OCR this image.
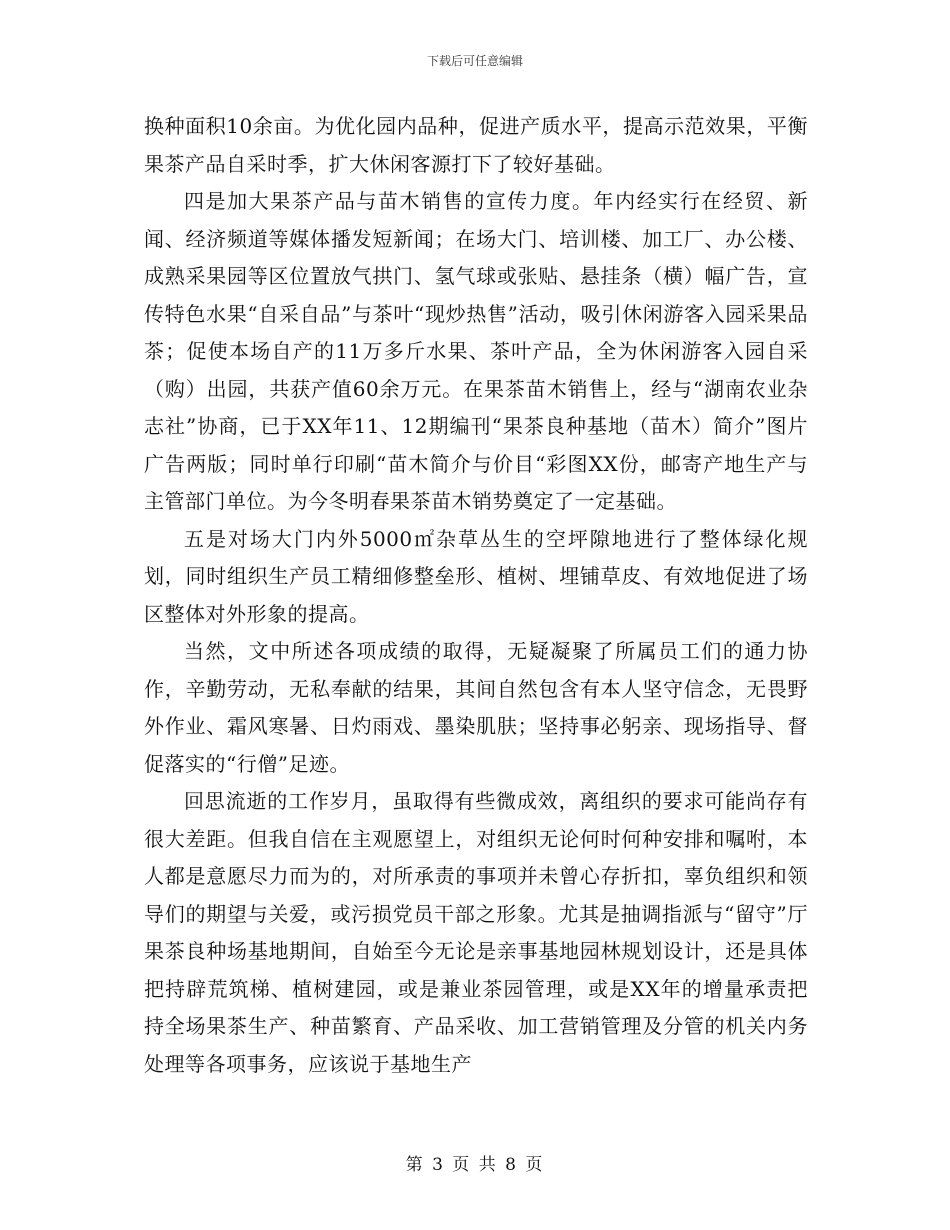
下载后可任意编辑

换种面积10余亩。为优化园内品种，促进产质水平，提高示范效果，平衡果茶产品自采时季，扩大休闲客源打下了较好基础。

四是加大果茶产品与苗木销售的宣传力度。年内经实行在经贸、新闻、经济频道等媒体播发短新闻；在场大门、培训楼、加工厂、办公楼、成熟采果园等区位置放气拱门、氢气球或张贴、悬挂条（横）幅广告，宣传特色水果“自采自品”与茶叶“现炒热售”活动，吸引休闲游客入园采果品茶；促使本场自产的11万多斤水果、茶叶产品，全为休闲游客入园自采（购）出园，共获产值60余万元。在果茶苗木销售上，经与“湖南农业杂志社”协商，已于XX年11、12期编刊“果茶良种基地（苗木）简介”图片广告两版；同时单行印刷“苗木简介与价目“彩图XX份，邮寄产地生产与主管部门单位。为今冬明春果茶苗木销势奠定了一定基础。

五是对场大门内外5000㎡杂草丛生的空坪隙地进行了整体绿化规划，同时组织生产员工精细修整垒形、植树、埋铺草皮、有效地促进了场区整体对外形象的提高。

当然，文中所述各项成绩的取得，无疑凝聚了所属员工们的通力协作，辛勤劳动，无私奉献的结果，其间自然包含有本人坚守信念，无畏野外作业、霜风寒暑、日灼雨戏、墨染肌肤；坚持事必躬亲、现场指导、督促落实的“行僧”足迹。

回思流逝的工作岁月，虽取得有些微成效，离组织的要求可能尚存有很大差距。但我自信在主观愿望上，对组织无论何时何种安排和嘱咐，本人都是意愿尽力而为的，对所承责的事项并未曾心存折扣，辜负组织和领导们的期望与关爱，或污损党员干部之形象。尤其是抽调指派与“留守”厅果茶良种场基地期间，自始至今无论是亲事基地园林规划设计，还是具体把持辟荒筑梯、植树建园，或是兼业茶园管理，或是XX年的增量承责把持全场果茶生产、种苗繁育、产品采收、加工营销管理及分管的机关内务处理等各项事务，应该说于基地生产

第 3 页 共 8 页
